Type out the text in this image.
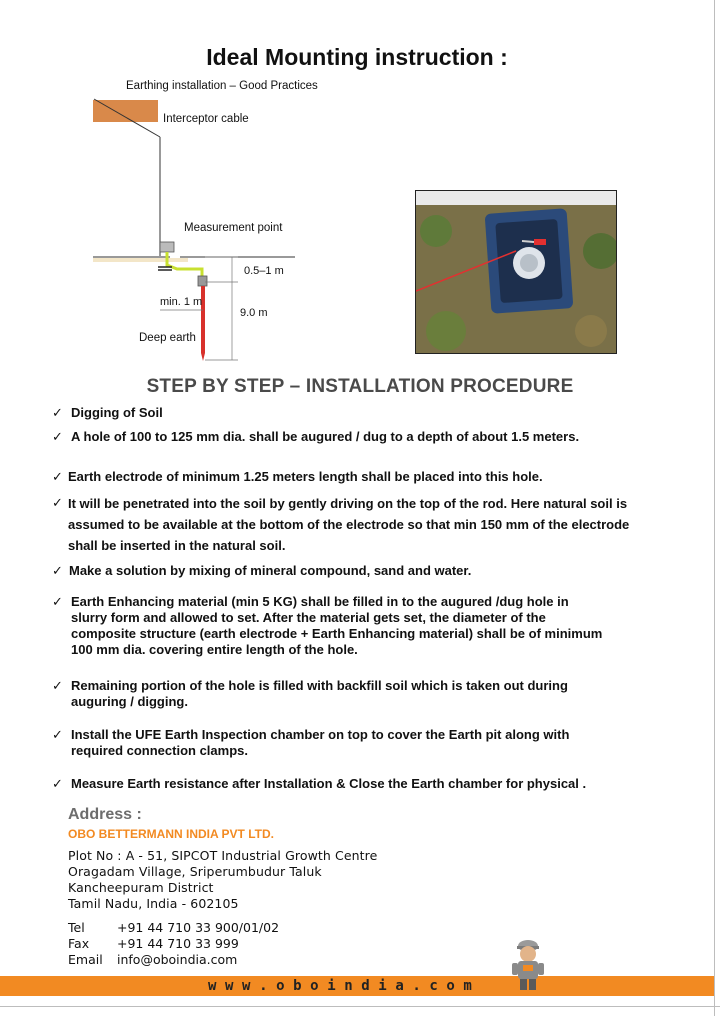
Ideal Mounting instruction :
Earthing installation – Good Practices
Interceptor cable
Measurement point
0.5–1 m
9.0 m
min. 1 m
Deep earth
STEP BY STEP – INSTALLATION PROCEDURE
✓ Digging of Soil
✓ A hole of 100 to 125 mm dia. shall be augured / dug to a depth of about 1.5 meters.
✓ Earth electrode of minimum 1.25 meters length shall be placed into this hole.
✓ It will be penetrated into the soil by gently driving on the top of the rod. Here natural soil is assumed to be available at the bottom of the electrode so that min 150 mm of the electrode shall be inserted in the natural soil.
✓ Make a solution by mixing of mineral compound, sand and water.
✓ Earth Enhancing material (min 5 KG) shall be filled in to the augured /dug hole in slurry form and allowed to set. After the material gets set, the diameter of the composite structure (earth electrode + Earth Enhancing material) shall be of minimum 100 mm dia. covering entire length of the hole.
✓ Remaining portion of the hole is filled with backfill soil which is taken out during auguring / digging.
✓ Install the UFE Earth Inspection chamber on top to cover the Earth pit along with required connection clamps.
✓ Measure Earth resistance after Installation & Close the Earth chamber for physical .
Address :
OBO BETTERMANN INDIA PVT LTD.
Plot No : A - 51, SIPCOT Industrial Growth Centre
Oragadam Village, Sriperumbudur Taluk
Kancheepuram District
Tamil Nadu, India - 602105
Tel	+91 44 710 33 900/01/02
Fax +91 44 710 33 999
Email info@oboindia.com
www.oboindia.com
